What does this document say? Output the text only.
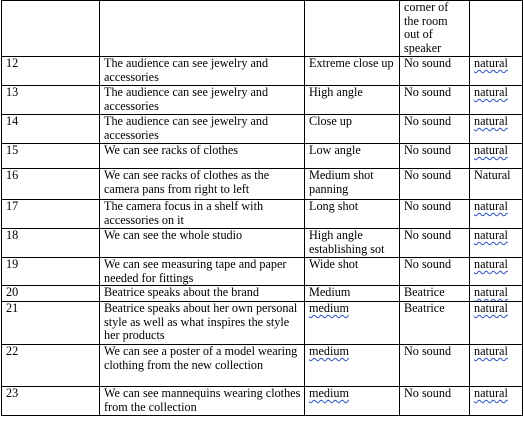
			corner of the room out of speaker	
12	The audience can see jewelry and accessories	Extreme close up	No sound	natural
13	The audience can see jewelry and accessories	High angle	No sound	natural
14	The audience can see jewelry and accessories	Close up	No sound	natural
15	We can see racks of clothes	Low angle	No sound	natural
16	We can see racks of clothes as the camera pans from right to left	Medium shot panning	No sound	Natural
17	The camera focus in a shelf with accessories on it	Long shot	No sound	natural
18	We can see the whole studio	High angle establishing sot	No sound	natural
19	We can see measuring tape and paper needed for fittings	Wide shot	No sound	natural
20	Beatrice speaks about the brand	Medium	Beatrice	natural
21	Beatrice speaks about her own personal style as well as what inspires the style her products	medium	Beatrice	natural
22	We can see a poster of a model wearing clothing from the new collection	medium	No sound	natural
23	We can see mannequins wearing clothes from the collection	medium	No sound	natural
